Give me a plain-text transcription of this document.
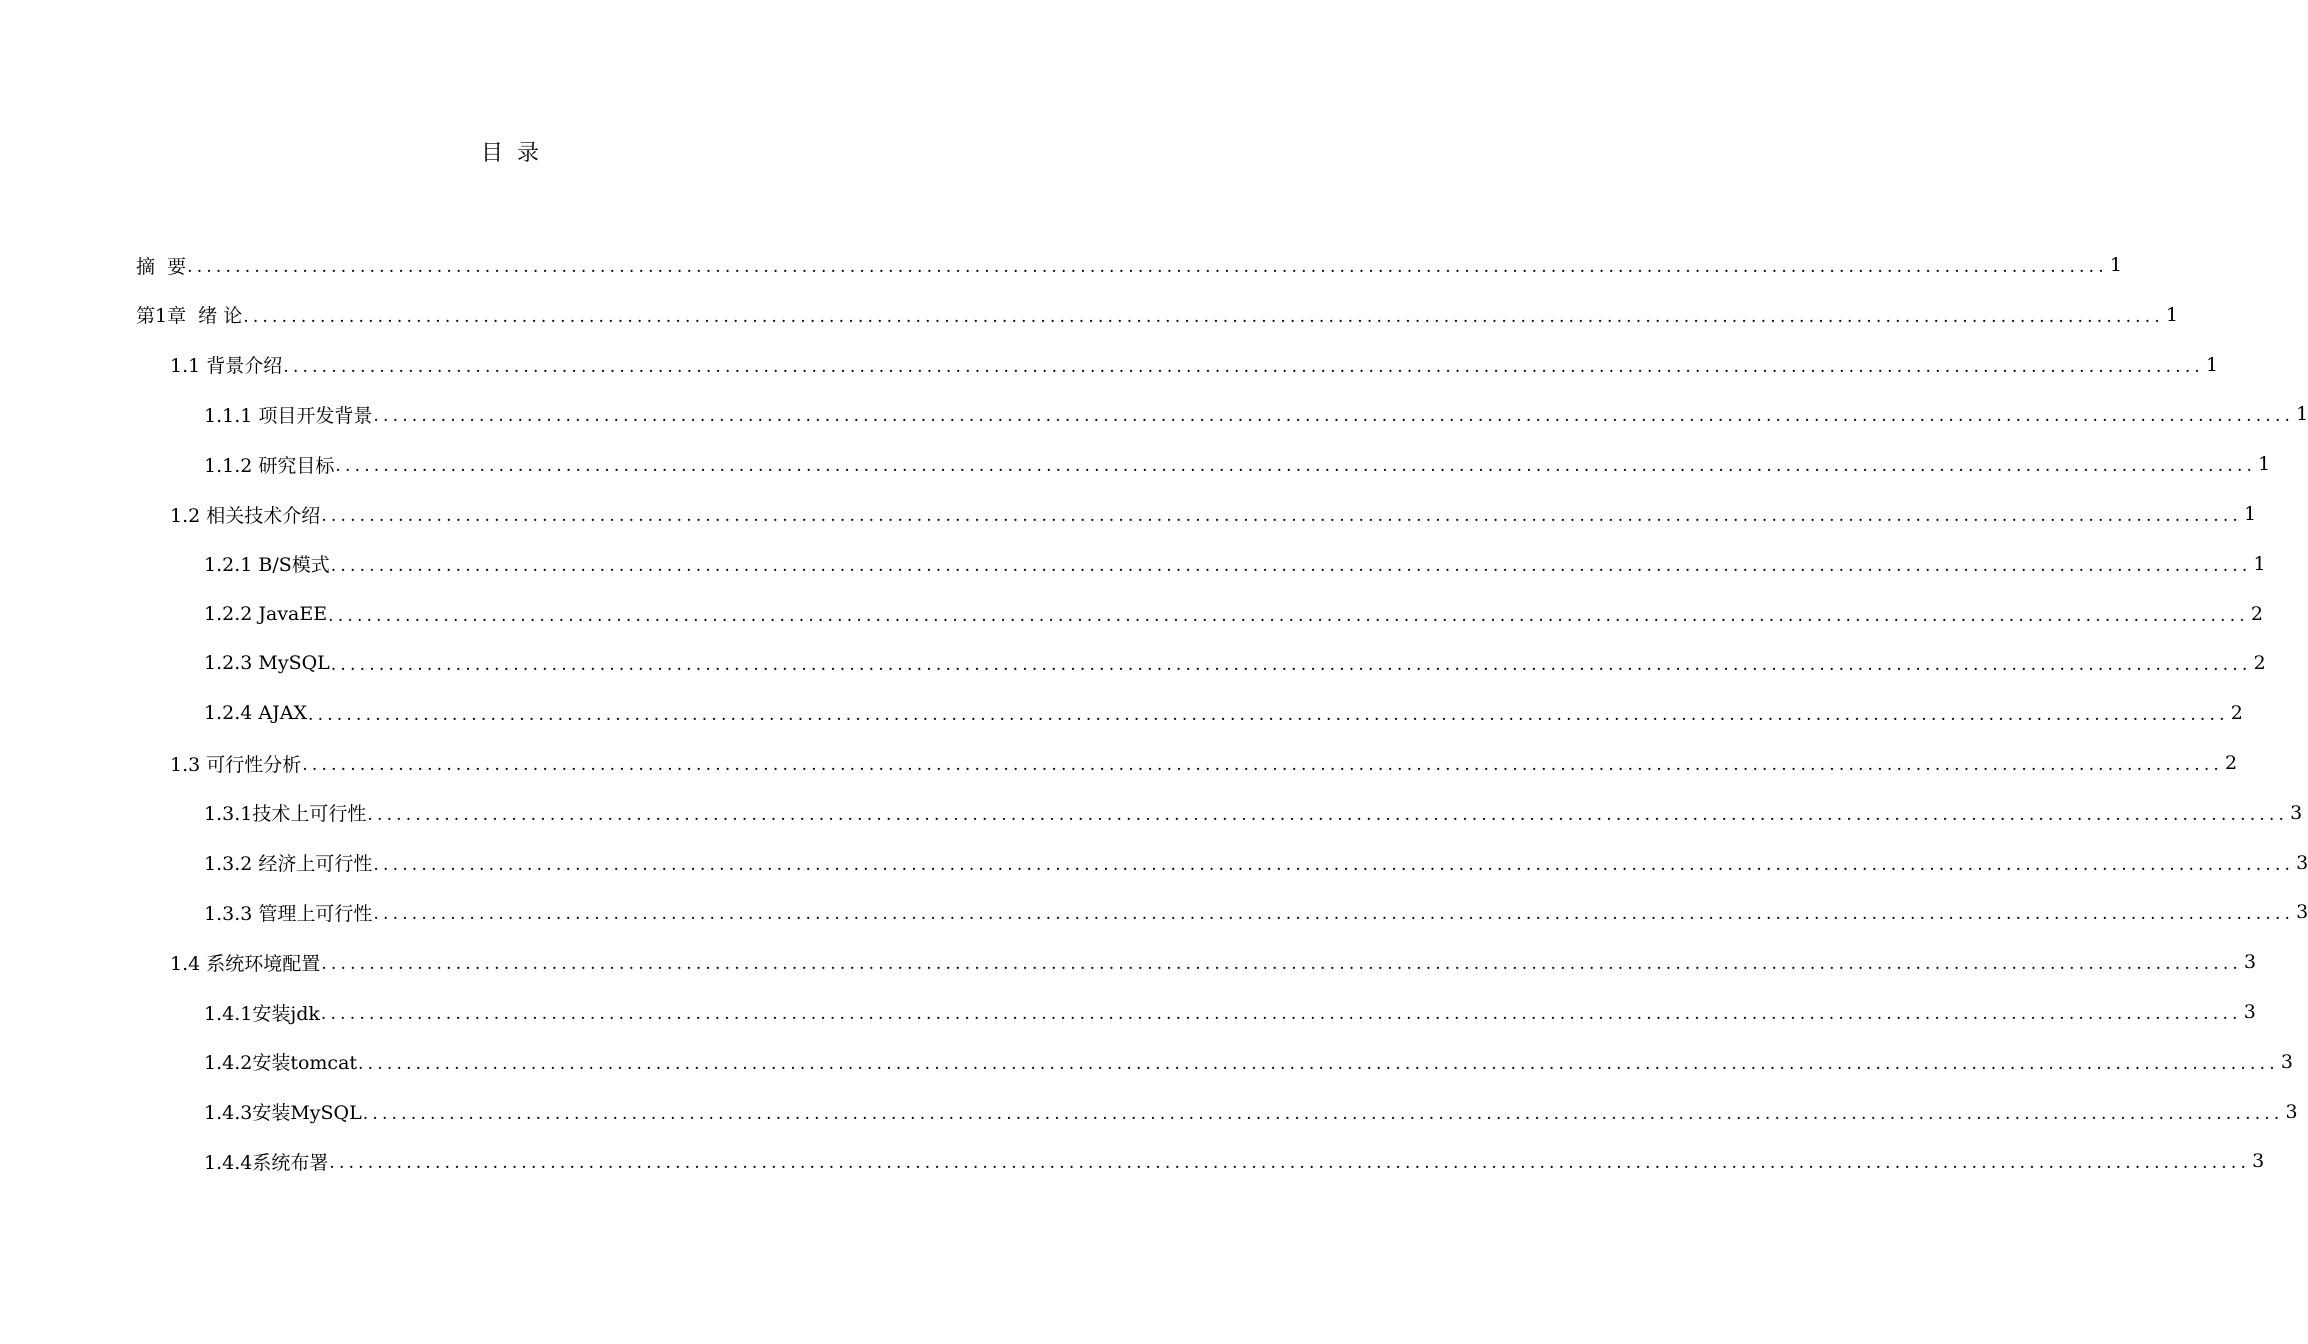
目  录
摘  要 ........................................................................................................................................................................................................ 1
第1章  绪 论 ........................................................................................................................................................................................................ 1
1.1 背景介绍 ........................................................................................................................................................................................................ 1
1.1.1 项目开发背景 ........................................................................................................................................................................................................ 1
1.1.2 研究目标 ........................................................................................................................................................................................................ 1
1.2 相关技术介绍 ........................................................................................................................................................................................................ 1
1.2.1 B/S模式 ........................................................................................................................................................................................................ 1
1.2.2 JavaEE ........................................................................................................................................................................................................ 2
1.2.3 MySQL ........................................................................................................................................................................................................ 2
1.2.4 AJAX ........................................................................................................................................................................................................ 2
1.3 可行性分析 ........................................................................................................................................................................................................ 2
1.3.1技术上可行性 ........................................................................................................................................................................................................ 3
1.3.2 经济上可行性 ........................................................................................................................................................................................................ 3
1.3.3 管理上可行性 ........................................................................................................................................................................................................ 3
1.4 系统环境配置 ........................................................................................................................................................................................................ 3
1.4.1安装jdk ........................................................................................................................................................................................................ 3
1.4.2安装tomcat ........................................................................................................................................................................................................ 3
1.4.3安装MySQL ........................................................................................................................................................................................................ 3
1.4.4系统布署 ........................................................................................................................................................................................................ 3
